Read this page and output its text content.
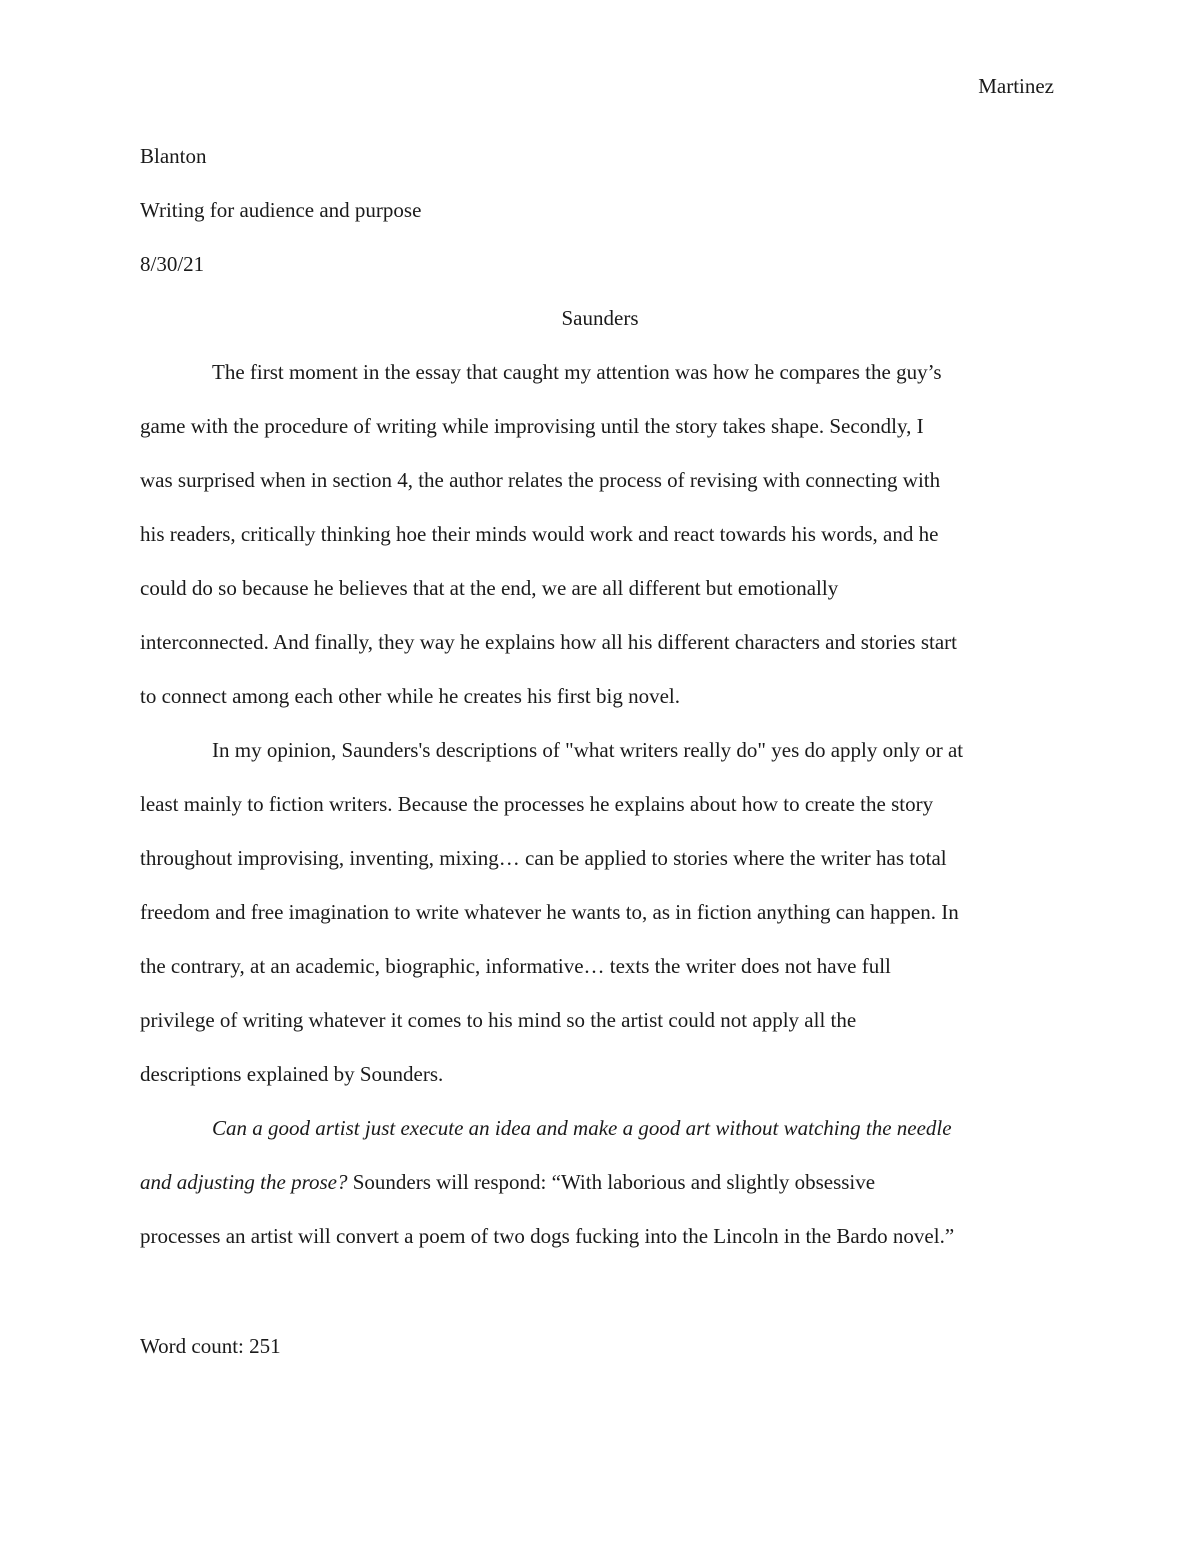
Martinez

Blanton

Writing for audience and purpose

8/30/21

Saunders

The first moment in the essay that caught my attention was how he compares the guy’s
game with the procedure of writing while improvising until the story takes shape. Secondly, I
was surprised when in section 4, the author relates the process of revising with connecting with
his readers, critically thinking hoe their minds would work and react towards his words, and he
could do so because he believes that at the end, we are all different but emotionally
interconnected. And finally, they way he explains how all his different characters and stories start
to connect among each other while he creates his first big novel.
In my opinion, Saunders's descriptions of "what writers really do" yes do apply only or at
least mainly to fiction writers. Because the processes he explains about how to create the story
throughout improvising, inventing, mixing… can be applied to stories where the writer has total
freedom and free imagination to write whatever he wants to, as in fiction anything can happen. In
the contrary, at an academic, biographic, informative… texts the writer does not have full
privilege of writing whatever it comes to his mind so the artist could not apply all the
descriptions explained by Sounders.
Can a good artist just execute an idea and make a good art without watching the needle
and adjusting the prose? Sounders will respond: “With laborious and slightly obsessive
processes an artist will convert a poem of two dogs fucking into the Lincoln in the Bardo novel.”

Word count: 251
